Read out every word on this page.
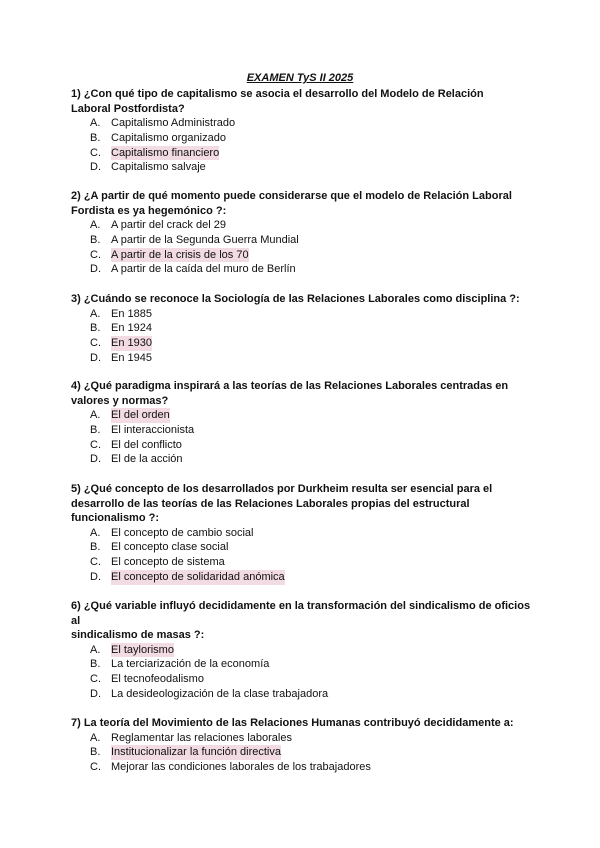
EXAMEN TyS II 2025

1) ¿Con qué tipo de capitalismo se asocia el desarrollo del Modelo de Relación Laboral Postfordista?

A. Capitalismo Administrado
B. Capitalismo organizado
C. Capitalismo financiero
D. Capitalismo salvaje

2) ¿A partir de qué momento puede considerarse que el modelo de Relación Laboral Fordista es ya hegemónico ?:

A. A partir del crack del 29
B. A partir de la Segunda Guerra Mundial
C. A partir de la crisis de los 70
D. A partir de la caída del muro de Berlín

3) ¿Cuándo se reconoce la Sociología de las Relaciones Laborales como disciplina ?:

A. En 1885
B. En 1924
C. En 1930
D. En 1945

4) ¿Qué paradigma inspirará a las teorías de las Relaciones Laborales centradas en valores y normas?

A. El del orden
B. El interaccionista
C. El del conflicto
D. El de la acción

5) ¿Qué concepto de los desarrollados por Durkheim resulta ser esencial para el desarrollo de las teorías de las Relaciones Laborales propias del estructural funcionalismo ?:

A. El concepto de cambio social
B. El concepto clase social
C. El concepto de sistema
D. El concepto de solidaridad anómica

6) ¿Qué variable influyó decididamente en la transformación del sindicalismo de oficios al
sindicalismo de masas ?:

A. El taylorismo
B. La terciarización de la economía
C. El tecnofeodalismo
D. La desideologización de la clase trabajadora

7) La teoría del Movimiento de las Relaciones Humanas contribuyó decididamente a:

A. Reglamentar las relaciones laborales
B. Institucionalizar la función directiva
C. Mejorar las condiciones laborales de los trabajadores
